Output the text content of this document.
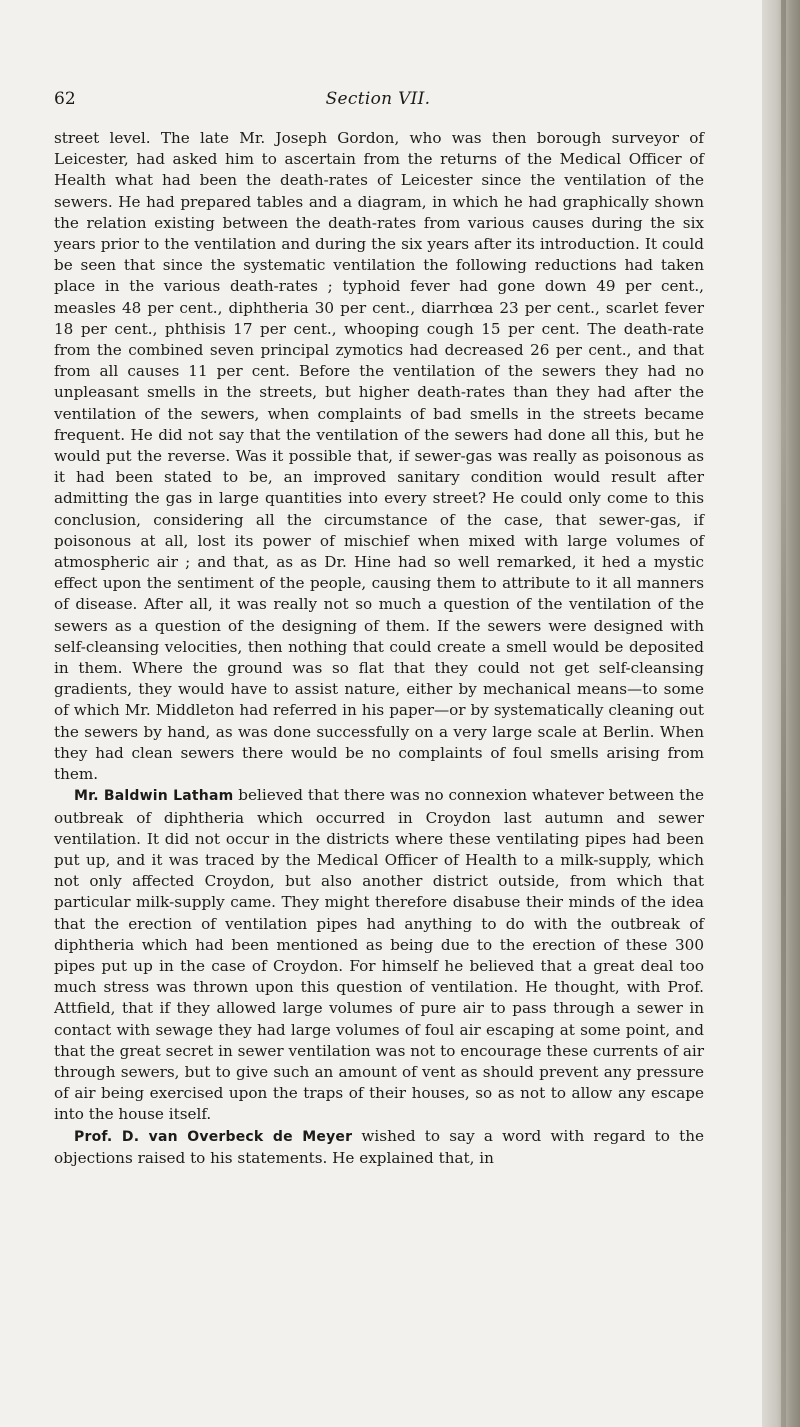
62	Section VII.

street level. The late Mr. Joseph Gordon, who was then borough surveyor of Leicester, had asked him to ascertain from the returns of the Medical Officer of Health what had been the death-rates of Leicester since the ventilation of the sewers. He had prepared tables and a diagram, in which he had graphically shown the relation existing between the death-rates from various causes during the six years prior to the ventilation and during the six years after its introduction. It could be seen that since the systematic ventilation the following reductions had taken place in the various death-rates ; typhoid fever had gone down 49 per cent., measles 48 per cent., diphtheria 30 per cent., diarrhœa 23 per cent., scarlet fever 18 per cent., phthisis 17 per cent., whooping cough 15 per cent. The death-rate from the combined seven principal zymotics had decreased 26 per cent., and that from all causes 11 per cent. Before the ventilation of the sewers they had no unpleasant smells in the streets, but higher death-rates than they had after the ventilation of the sewers, when complaints of bad smells in the streets became frequent. He did not say that the ventilation of the sewers had done all this, but he would put the reverse. Was it possible that, if sewer-gas was really as poisonous as it had been stated to be, an improved sanitary condition would result after admitting the gas in large quantities into every street? He could only come to this conclusion, considering all the circumstance of the case, that sewer-gas, if poisonous at all, lost its power of mischief when mixed with large volumes of atmospheric air ; and that, as as Dr. Hine had so well remarked, it hed a mystic effect upon the sentiment of the people, causing them to attribute to it all manners of disease. After all, it was really not so much a question of the ventilation of the sewers as a question of the designing of them. If the sewers were designed with self-cleansing velocities, then nothing that could create a smell would be deposited in them. Where the ground was so flat that they could not get self-cleansing gradients, they would have to assist nature, either by mechanical means—to some of which Mr. Middleton had referred in his paper—or by systematically cleaning out the sewers by hand, as was done successfully on a very large scale at Berlin. When they had clean sewers there would be no complaints of foul smells arising from them.

Mr. Baldwin Latham believed that there was no connexion whatever between the outbreak of diphtheria which occurred in Croydon last autumn and sewer ventilation. It did not occur in the districts where these ventilating pipes had been put up, and it was traced by the Medical Officer of Health to a milk-supply, which not only affected Croydon, but also another district outside, from which that particular milk-supply came. They might therefore disabuse their minds of the idea that the erection of ventilation pipes had anything to do with the outbreak of diphtheria which had been mentioned as being due to the erection of these 300 pipes put up in the case of Croydon. For himself he believed that a great deal too much stress was thrown upon this question of ventilation. He thought, with Prof. Attfield, that if they allowed large volumes of pure air to pass through a sewer in contact with sewage they had large volumes of foul air escaping at some point, and that the great secret in sewer ventilation was not to encourage these currents of air through sewers, but to give such an amount of vent as should prevent any pressure of air being exercised upon the traps of their houses, so as not to allow any escape into the house itself.

Prof. D. van Overbeck de Meyer wished to say a word with regard to the objections raised to his statements. He explained that, in
